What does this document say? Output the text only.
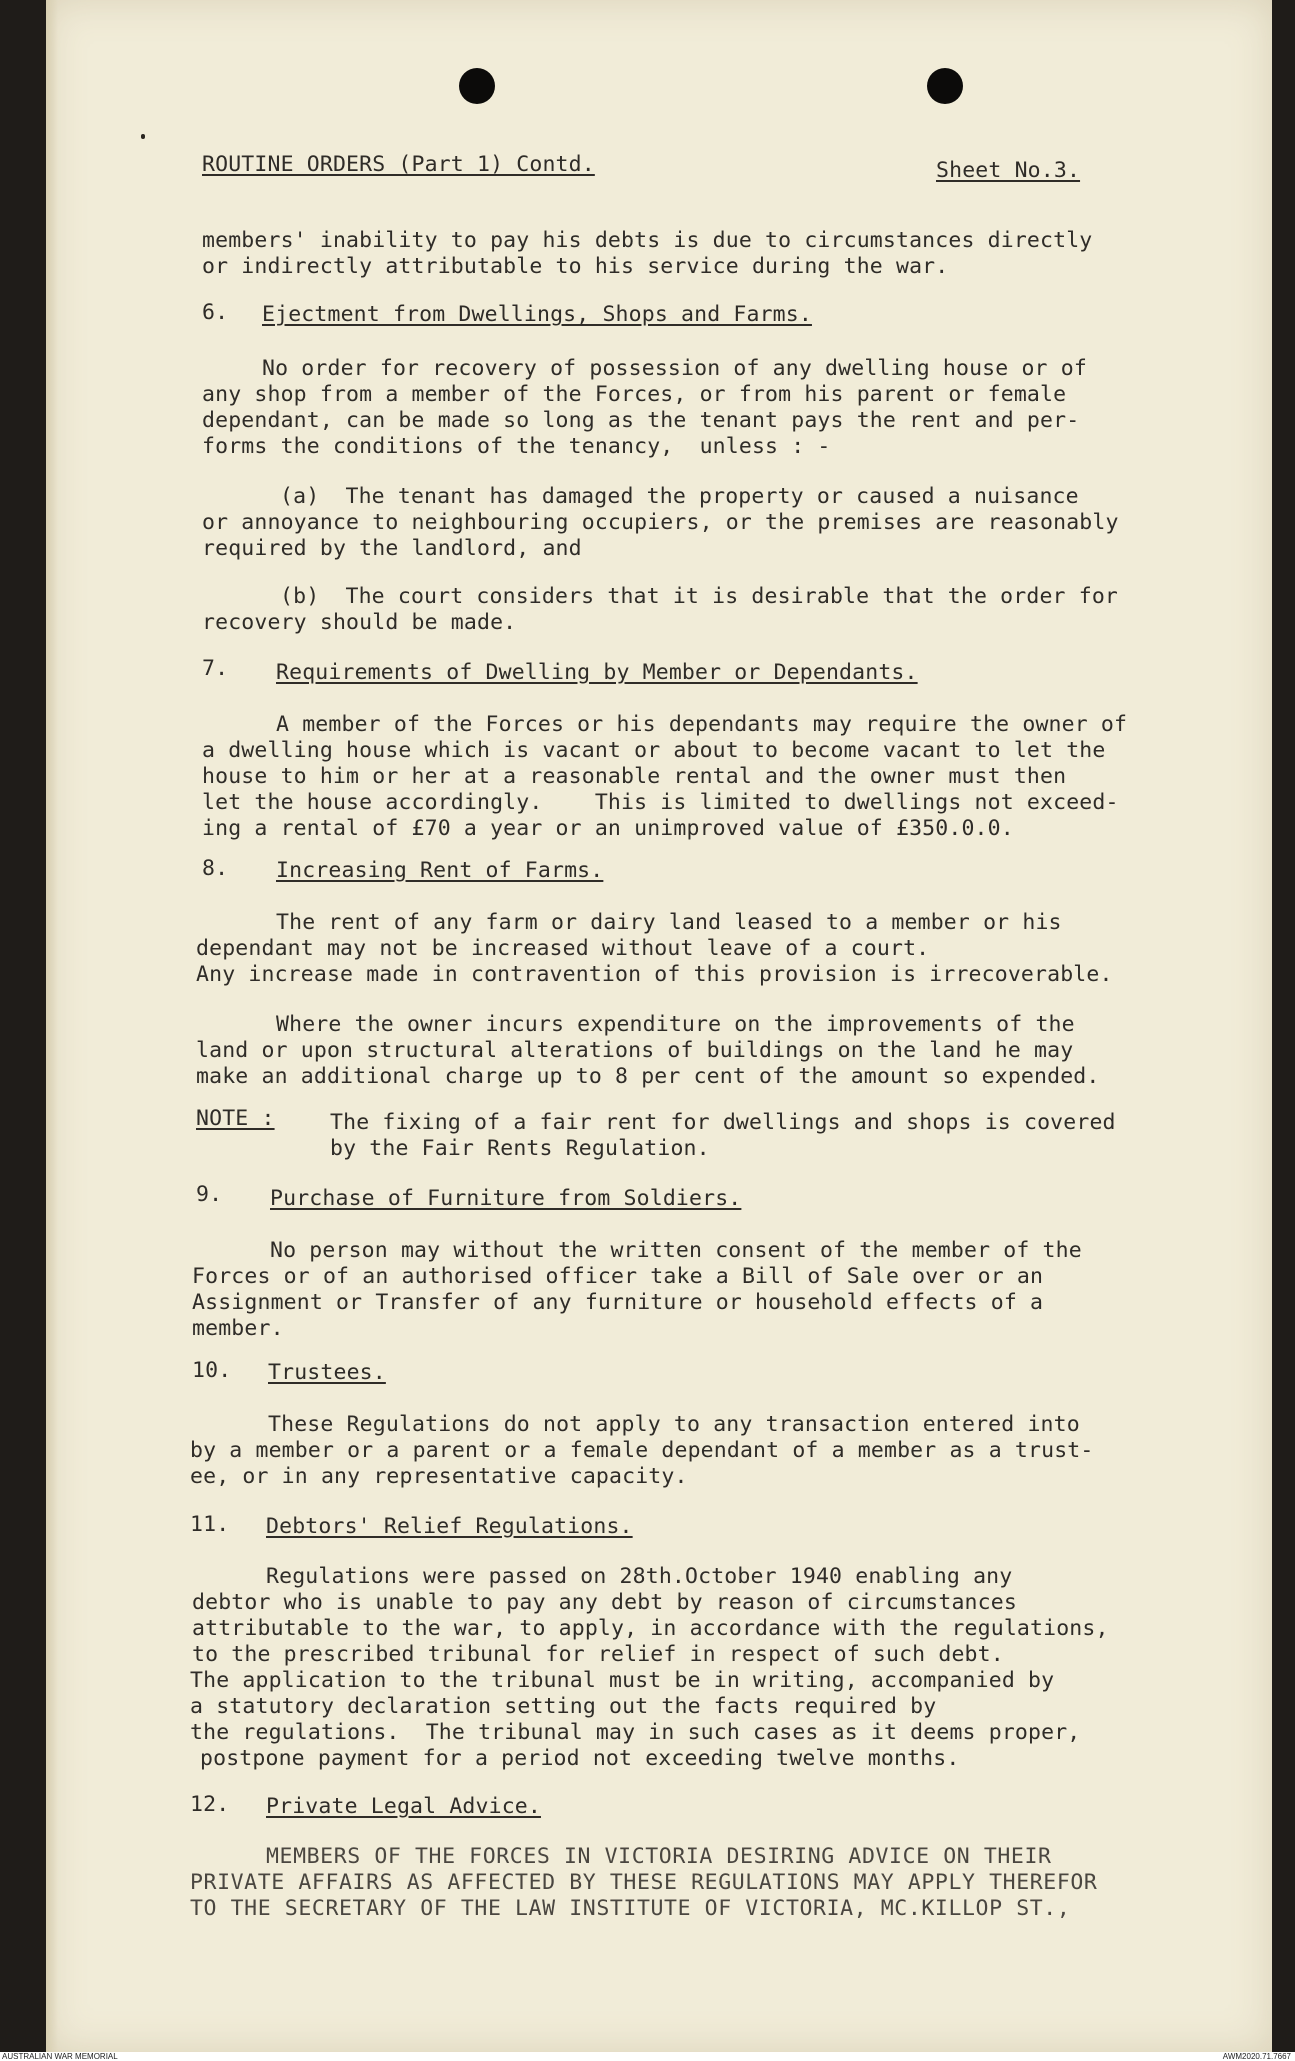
ROUTINE ORDERS (Part 1) Contd.	Sheet No.3.
members' inability to pay his debts is due to circumstances directly
or indirectly attributable to his service during the war.
6. Ejectment from Dwellings, Shops and Farms.
No order for recovery of possession of any dwelling house or of
any shop from a member of the Forces, or from his parent or female
dependant, can be made so long as the tenant pays the rent and per-
forms the conditions of the tenancy,  unless : -
(a)  The tenant has damaged the property or caused a nuisance
or annoyance to neighbouring occupiers, or the premises are reasonably
required by the landlord, and
(b)  The court considers that it is desirable that the order for
recovery should be made.
7. Requirements of Dwelling by Member or Dependants.
A member of the Forces or his dependants may require the owner of
a dwelling house which is vacant or about to become vacant to let the
house to him or her at a reasonable rental and the owner must then
let the house accordingly.    This is limited to dwellings not exceed-
ing a rental of £70 a year or an unimproved value of £350.0.0.
8. Increasing Rent of Farms.
The rent of any farm or dairy land leased to a member or his
dependant may not be increased without leave of a court.
Any increase made in contravention of this provision is irrecoverable.
Where the owner incurs expenditure on the improvements of the
land or upon structural alterations of buildings on the land he may
make an additional charge up to 8 per cent of the amount so expended.
NOTE :	The fixing of a fair rent for dwellings and shops is covered
by the Fair Rents Regulation.
9. Purchase of Furniture from Soldiers.
No person may without the written consent of the member of the
Forces or of an authorised officer take a Bill of Sale over or an
Assignment or Transfer of any furniture or household effects of a
member.
10. Trustees.
These Regulations do not apply to any transaction entered into
by a member or a parent or a female dependant of a member as a trust-
ee, or in any representative capacity.
11. Debtors' Relief Regulations.
Regulations were passed on 28th.October 1940 enabling any
debtor who is unable to pay any debt by reason of circumstances
attributable to the war, to apply, in accordance with the regulations,
to the prescribed tribunal for relief in respect of such debt.
The application to the tribunal must be in writing, accompanied by
a statutory declaration setting out the facts required by
the regulations.  The tribunal may in such cases as it deems proper,
postpone payment for a period not exceeding twelve months.
12. Private Legal Advice.
MEMBERS OF THE FORCES IN VICTORIA DESIRING ADVICE ON THEIR
PRIVATE AFFAIRS AS AFFECTED BY THESE REGULATIONS MAY APPLY THEREFOR
TO THE SECRETARY OF THE LAW INSTITUTE OF VICTORIA, MC.KILLOP ST.,
AUSTRALIAN WAR MEMORIAL	AWM2020.71.7667
